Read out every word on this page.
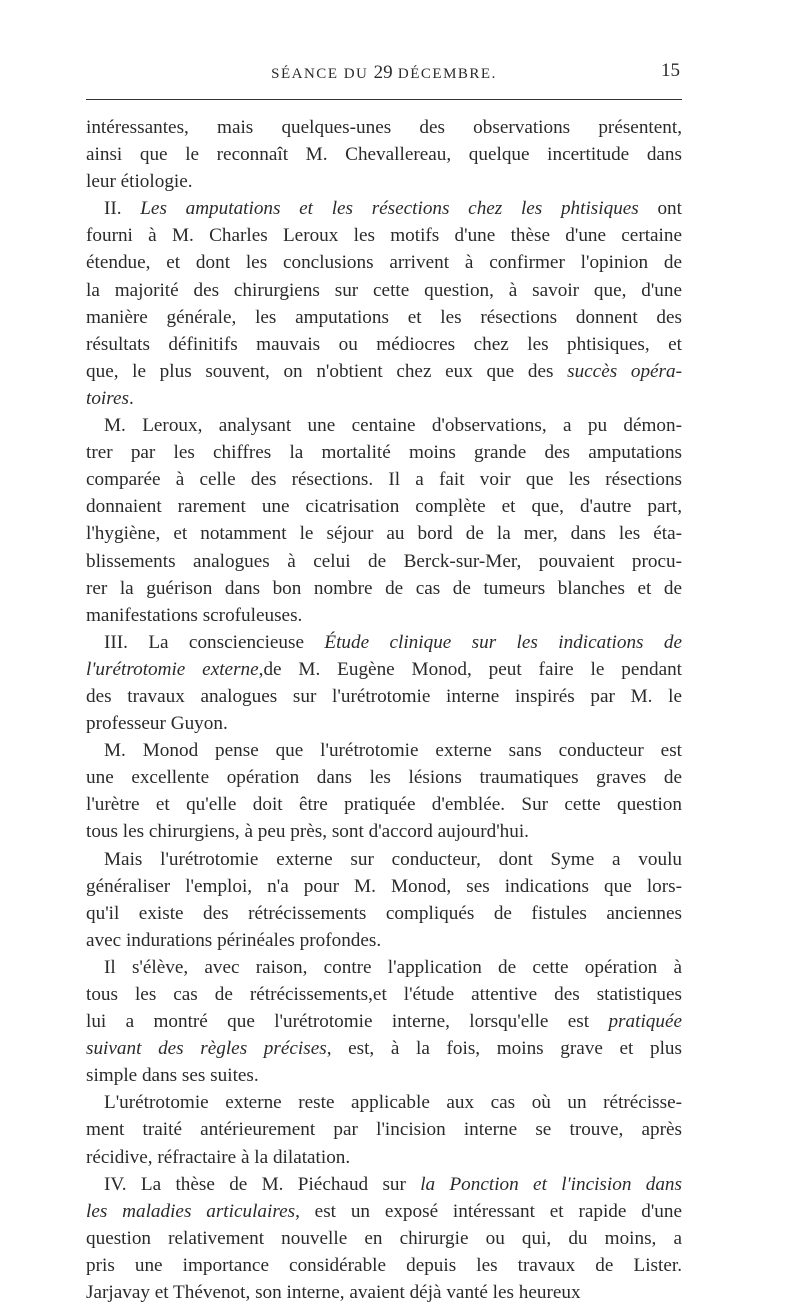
SÉANCE DU 29 DÉCEMBRE.	15

intéressantes, mais quelques-unes des observations présentent,
ainsi que le reconnaît M. Chevallereau, quelque incertitude dans
leur étiologie.

II. Les amputations et les résections chez les phtisiques ont
fourni à M. Charles Leroux les motifs d'une thèse d'une certaine
étendue, et dont les conclusions arrivent à confirmer l'opinion de
la majorité des chirurgiens sur cette question, à savoir que, d'une
manière générale, les amputations et les résections donnent des
résultats définitifs mauvais ou médiocres chez les phtisiques, et
que, le plus souvent, on n'obtient chez eux que des succès opéra-
toires.

M. Leroux, analysant une centaine d'observations, a pu démon-
trer par les chiffres la mortalité moins grande des amputations
comparée à celle des résections. Il a fait voir que les résections
donnaient rarement une cicatrisation complète et que, d'autre part,
l'hygiène, et notamment le séjour au bord de la mer, dans les éta-
blissements analogues à celui de Berck-sur-Mer, pouvaient procu-
rer la guérison dans bon nombre de cas de tumeurs blanches et de
manifestations scrofuleuses.

III. La consciencieuse Étude clinique sur les indications de
l'urétrotomie externe,de M. Eugène Monod, peut faire le pendant
des travaux analogues sur l'urétrotomie interne inspirés par M. le
professeur Guyon.

M. Monod pense que l'urétrotomie externe sans conducteur est
une excellente opération dans les lésions traumatiques graves de
l'urètre et qu'elle doit être pratiquée d'emblée. Sur cette question
tous les chirurgiens, à peu près, sont d'accord aujourd'hui.

Mais l'urétrotomie externe sur conducteur, dont Syme a voulu
généraliser l'emploi, n'a pour M. Monod, ses indications que lors-
qu'il existe des rétrécissements compliqués de fistules anciennes
avec indurations périnéales profondes.

Il s'élève, avec raison, contre l'application de cette opération à
tous les cas de rétrécissements,et l'étude attentive des statistiques
lui a montré que l'urétrotomie interne, lorsqu'elle est pratiquée
suivant des règles précises, est, à la fois, moins grave et plus
simple dans ses suites.

L'urétrotomie externe reste applicable aux cas où un rétrécisse-
ment traité antérieurement par l'incision interne se trouve, après
récidive, réfractaire à la dilatation.

IV. La thèse de M. Piéchaud sur la Ponction et l'incision dans
les maladies articulaires, est un exposé intéressant et rapide d'une
question relativement nouvelle en chirurgie ou qui, du moins, a
pris une importance considérable depuis les travaux de Lister.
Jarjavay et Thévenot, son interne, avaient déjà vanté les heureux
